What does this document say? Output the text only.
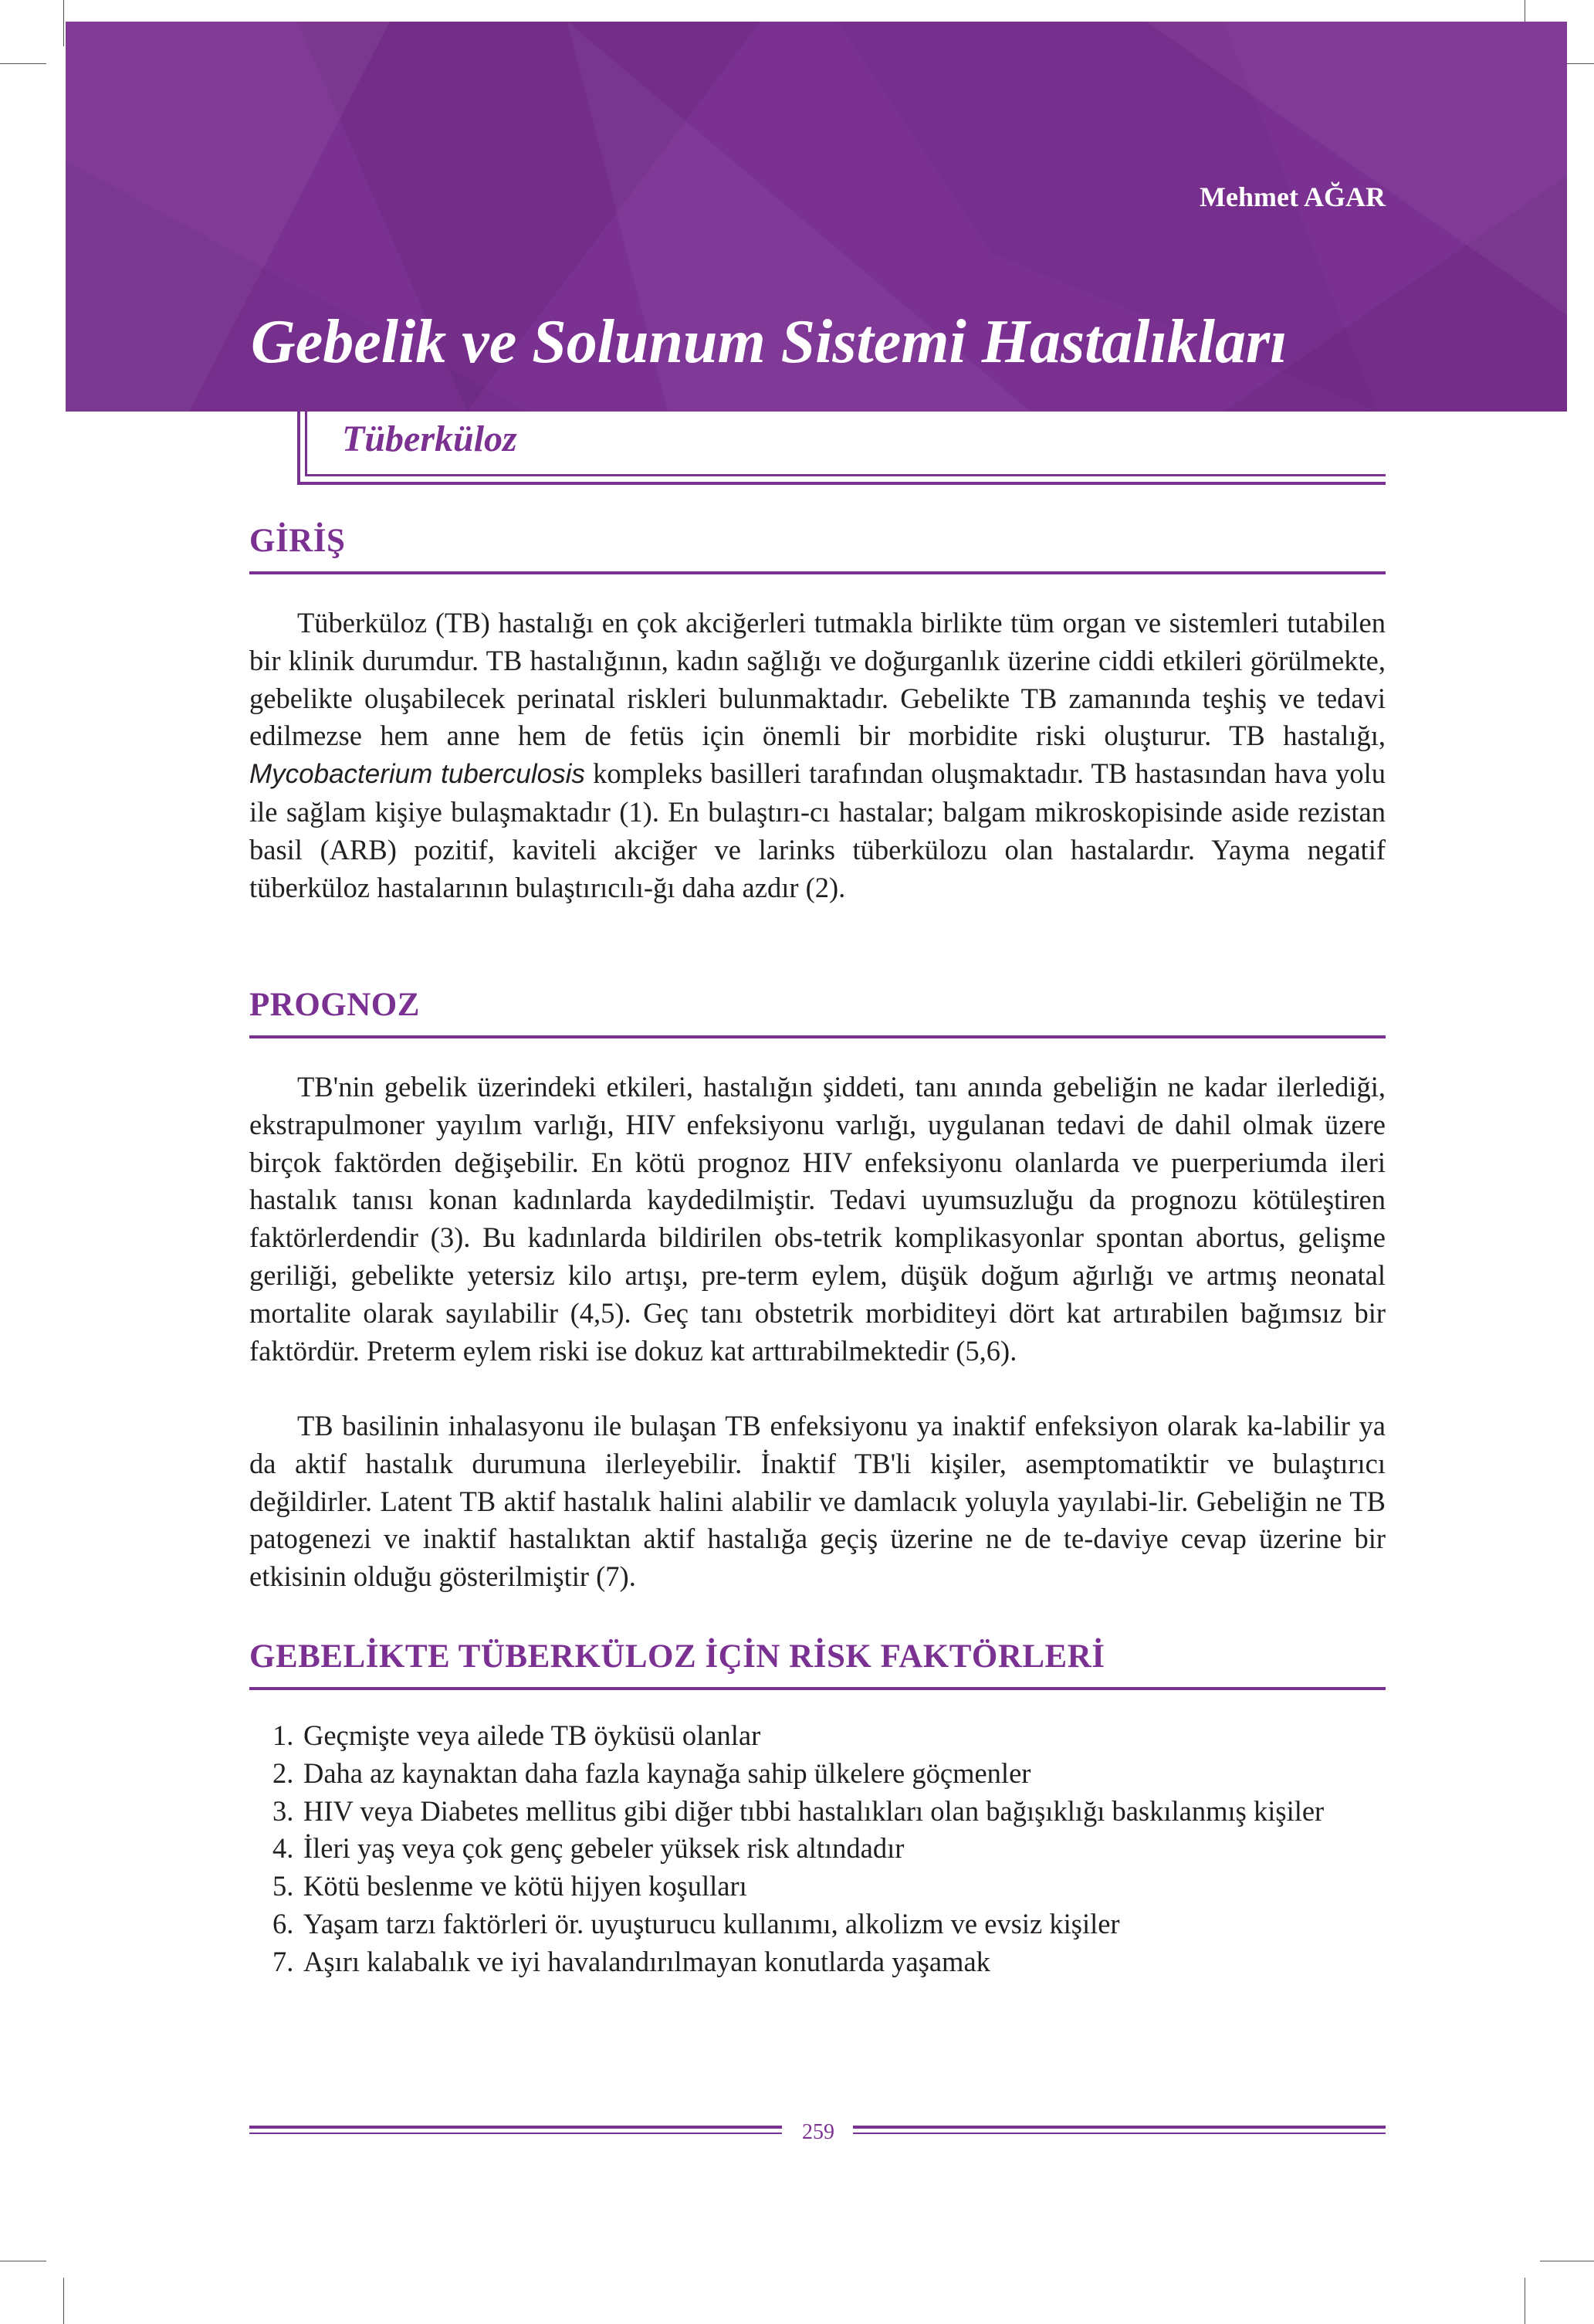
Mehmet AĞAR
Gebelik ve Solunum Sistemi Hastalıkları
Tüberküloz
GİRİŞ

Tüberküloz (TB) hastalığı en çok akciğerleri tutmakla birlikte tüm organ ve sistemleri tutabilen bir klinik durumdur. TB hastalığının, kadın sağlığı ve doğurganlık üzerine ciddi etkileri görülmekte, gebelikte oluşabilecek perinatal riskleri bulunmaktadır. Gebelikte TB zamanında teşhiş ve tedavi edilmezse hem anne hem de fetüs için önemli bir morbidite riski oluşturur. TB hastalığı, Mycobacterium tuberculosis kompleks basilleri tarafından oluşmaktadır. TB hastasından hava yolu ile sağlam kişiye bulaşmaktadır (1). En bulaştırı-cı hastalar; balgam mikroskopisinde aside rezistan basil (ARB) pozitif, kaviteli akciğer ve larinks tüberkülozu olan hastalardır. Yayma negatif tüberküloz hastalarının bulaştırıcılı-ğı daha azdır (2).

PROGNOZ

TB'nin gebelik üzerindeki etkileri, hastalığın şiddeti, tanı anında gebeliğin ne kadar ilerlediği, ekstrapulmoner yayılım varlığı, HIV enfeksiyonu varlığı, uygulanan tedavi de dahil olmak üzere birçok faktörden değişebilir. En kötü prognoz HIV enfeksiyonu olanlarda ve puerperiumda ileri hastalık tanısı konan kadınlarda kaydedilmiştir. Tedavi uyumsuzluğu da prognozu kötüleştiren faktörlerdendir (3). Bu kadınlarda bildirilen obs-tetrik komplikasyonlar spontan abortus, gelişme geriliği, gebelikte yetersiz kilo artışı, pre-term eylem, düşük doğum ağırlığı ve artmış neonatal mortalite olarak sayılabilir (4,5). Geç tanı obstetrik morbiditeyi dört kat artırabilen bağımsız bir faktördür. Preterm eylem riski ise dokuz kat arttırabilmektedir (5,6).

TB basilinin inhalasyonu ile bulaşan TB enfeksiyonu ya inaktif enfeksiyon olarak ka-labilir ya da aktif hastalık durumuna ilerleyebilir. İnaktif TB'li kişiler, asemptomatiktir ve bulaştırıcı değildirler. Latent TB aktif hastalık halini alabilir ve damlacık yoluyla yayılabi-lir. Gebeliğin ne TB patogenezi ve inaktif hastalıktan aktif hastalığa geçiş üzerine ne de te-daviye cevap üzerine bir etkisinin olduğu gösterilmiştir (7).

GEBELİKTE TÜBERKÜLOZ İÇİN RİSK FAKTÖRLERİ
1. Geçmişte veya ailede TB öyküsü olanlar
2. Daha az kaynaktan daha fazla kaynağa sahip ülkelere göçmenler
3. HIV veya Diabetes mellitus gibi diğer tıbbi hastalıkları olan bağışıklığı baskılanmış kişiler
4. İleri yaş veya çok genç gebeler yüksek risk altındadır
5. Kötü beslenme ve kötü hijyen koşulları
6. Yaşam tarzı faktörleri ör. uyuşturucu kullanımı, alkolizm ve evsiz kişiler
7. Aşırı kalabalık ve iyi havalandırılmayan konutlarda yaşamak
259
